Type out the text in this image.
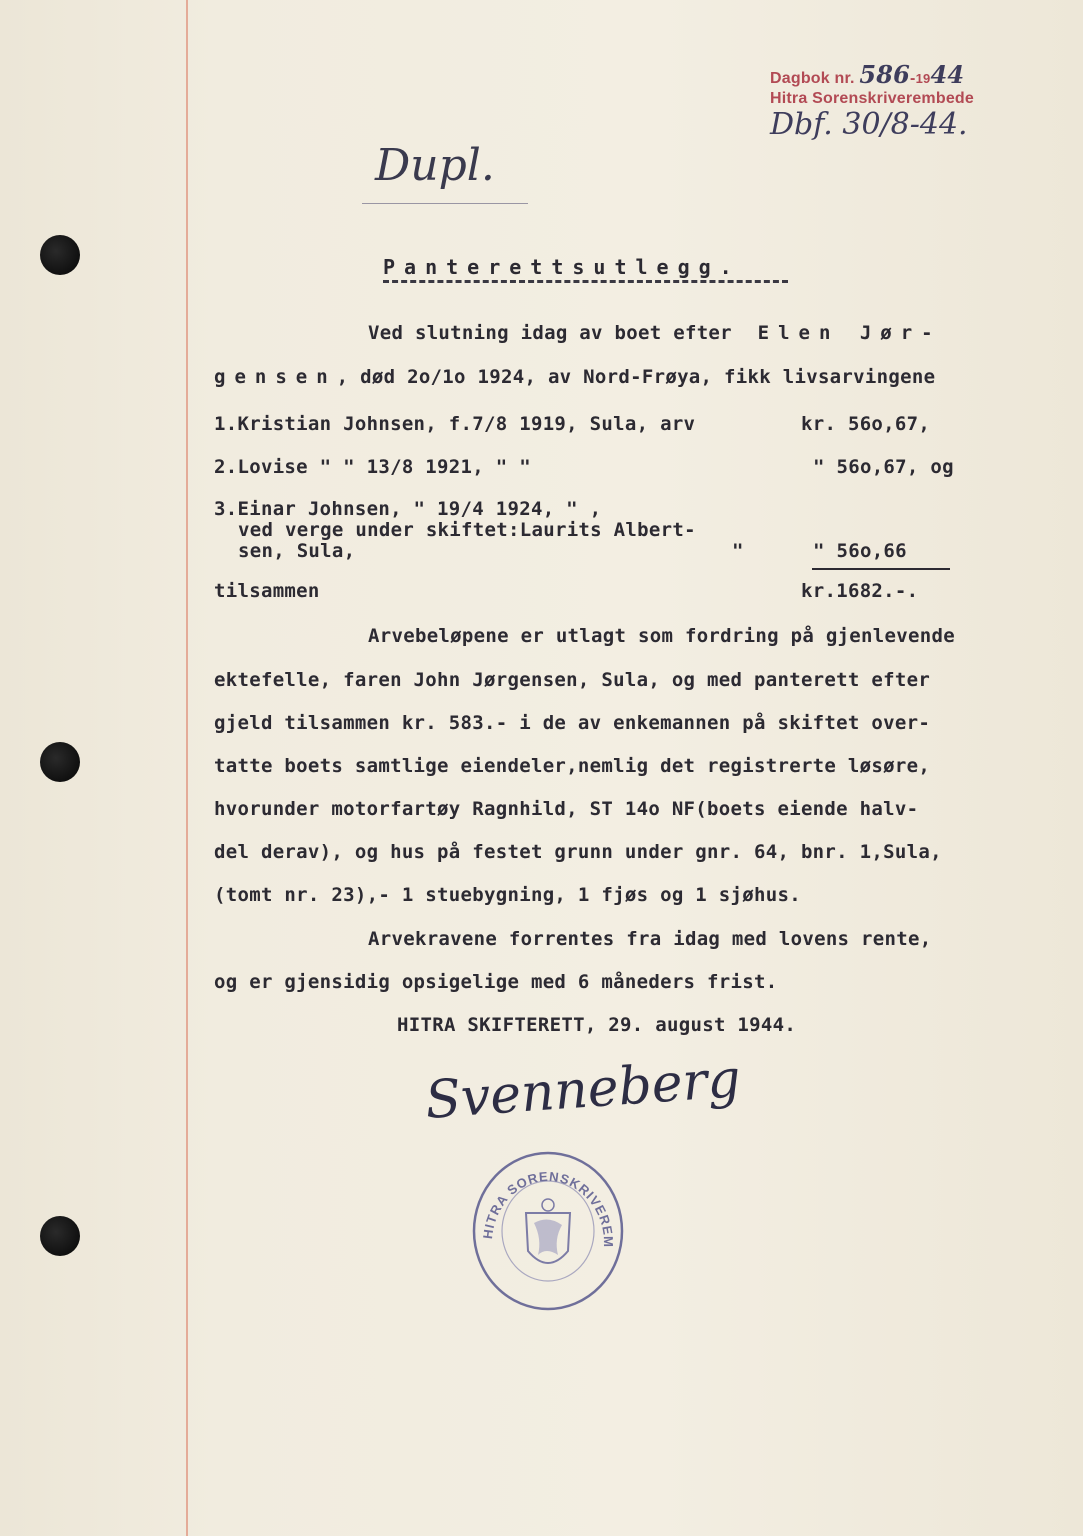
Dagbok nr. 586-1944
Hitra Sorenskriverembede
Dbf. 30/8-44.
Dupl.
Panterettsutlegg.
Ved slutning idag av boet efter Elen Jør-
gensen, død 2o/1o 1924, av Nord-Frøya, fikk livsarvingene
1.Kristian Johnsen, f.7/8 1919, Sula, arv	kr. 56o,67,
2.Lovise " " 13/8 1921, " "	" 56o,67, og
3.Einar Johnsen, " 19/4 1924, " ,
ved verge under skiftet:Laurits Albert-
sen, Sula,	"	" 56o,66
tilsammen	kr.1682.-.
Arvebeløpene er utlagt som fordring på gjenlevende
ektefelle, faren John Jørgensen, Sula, og med panterett efter
gjeld tilsammen kr. 583.- i de av enkemannen på skiftet over-
tatte boets samtlige eiendeler,nemlig det registrerte løsøre,
hvorunder motorfartøy Ragnhild, ST 14o NF(boets eiende halv-
del derav), og hus på festet grunn under gnr. 64, bnr. 1,Sula,
(tomt nr. 23),- 1 stuebygning, 1 fjøs og 1 sjøhus.
Arvekravene forrentes fra idag med lovens rente,
og er gjensidig opsigelige med 6 måneders frist.
HITRA SKIFTERETT, 29. august 1944.
Svenneberg
HITRA SORENSKRIVEREM
